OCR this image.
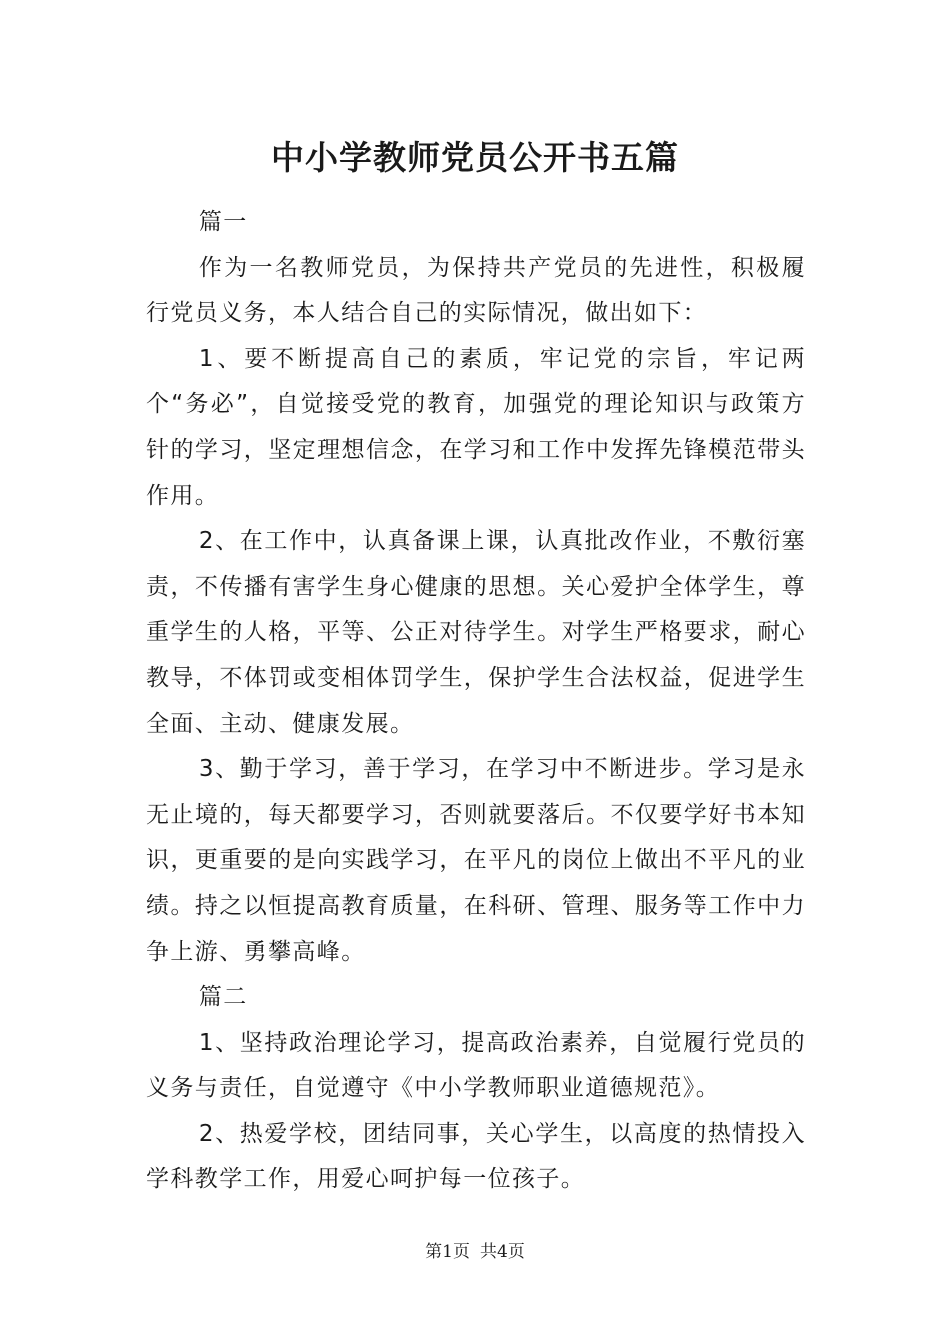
中小学教师党员公开书五篇

篇一

作为一名教师党员，为保持共产党员的先进性，积极履行党员义务，本人结合自己的实际情况，做出如下：

1、要不断提高自己的素质，牢记党的宗旨，牢记两个“务必”，自觉接受党的教育，加强党的理论知识与政策方针的学习，坚定理想信念，在学习和工作中发挥先锋模范带头作用。

2、在工作中，认真备课上课，认真批改作业，不敷衍塞责，不传播有害学生身心健康的思想。关心爱护全体学生，尊重学生的人格，平等、公正对待学生。对学生严格要求，耐心教导，不体罚或变相体罚学生，保护学生合法权益，促进学生全面、主动、健康发展。

3、勤于学习，善于学习，在学习中不断进步。学习是永无止境的，每天都要学习，否则就要落后。不仅要学好书本知识，更重要的是向实践学习，在平凡的岗位上做出不平凡的业绩。持之以恒提高教育质量，在科研、管理、服务等工作中力争上游、勇攀高峰。

篇二

1、坚持政治理论学习，提高政治素养，自觉履行党员的义务与责任，自觉遵守《中小学教师职业道德规范》。

2、热爱学校，团结同事，关心学生，以高度的热情投入学科教学工作，用爱心呵护每一位孩子。

第1页 共4页
